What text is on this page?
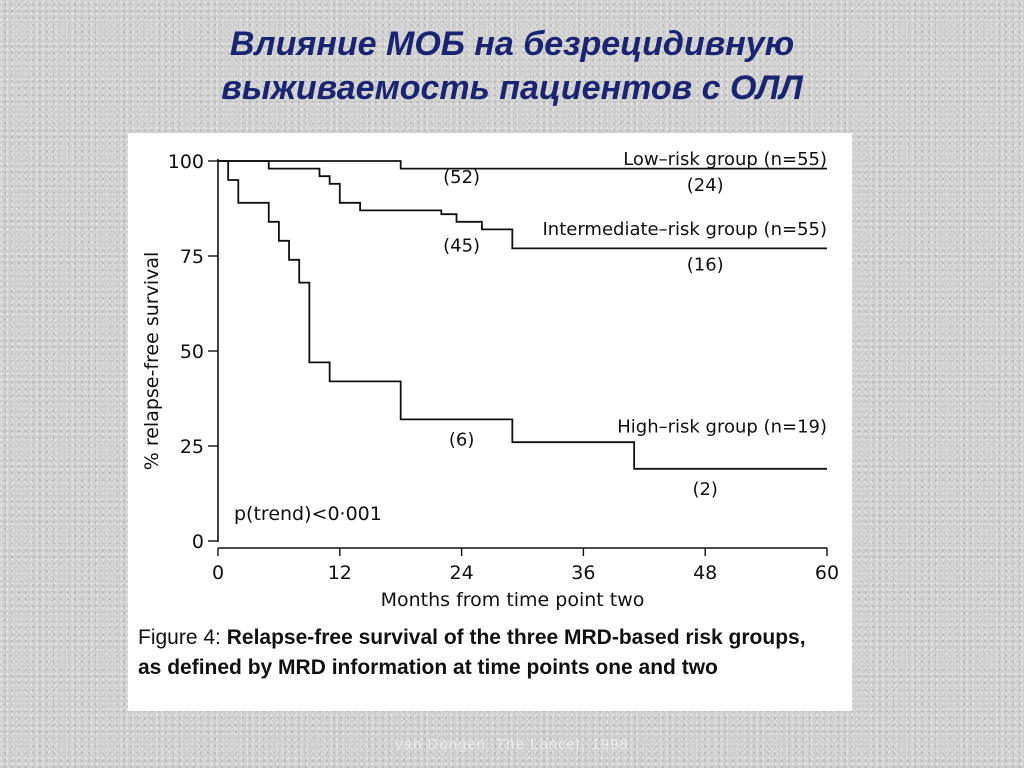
Влияние МОБ на безрецидивную
выживаемость пациентов с ОЛЛ
0
25
50
75
100
0	12	24	36	48	60
Months from time point two
% relapse-free survival
p(trend)<0·001
Low–risk group (n=55)
(52)	(24)
Intermediate–risk group (n=55)
(45)
(16)
High–risk group (n=19)
(6)
(2)
Figure 4: Relapse-free survival of the three MRD-based risk groups, as defined by MRD information at time points one and two
van Dongen. The Lancet, 1998
